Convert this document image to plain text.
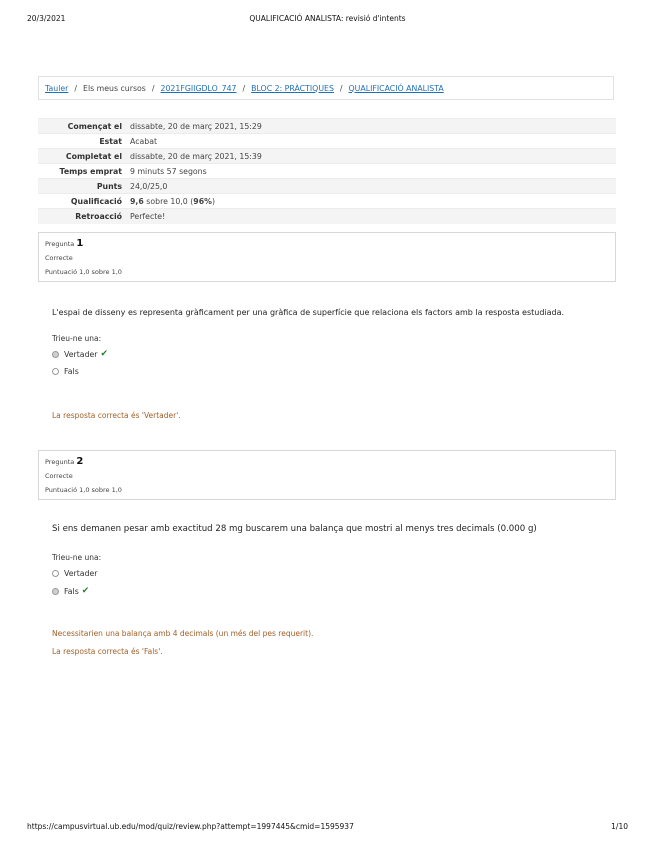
20/3/2021	QUALIFICACIÓ ANALISTA: revisió d'intents
Tauler / Els meus cursos / 2021FGIIGDLO_747 / BLOC 2: PRÀCTIQUES / QUALIFICACIÓ ANALISTA
Començat el	dissabte, 20 de març 2021, 15:29
Estat	Acabat
Completat el	dissabte, 20 de març 2021, 15:39
Temps emprat	9 minuts 57 segons
Punts	24,0/25,0
Qualificació	9,6 sobre 10,0 (96%)
Retroacció	Perfecte!
Pregunta 1
Correcte
Puntuació 1,0 sobre 1,0
L'espai de disseny es representa gràficament per una gràfica de superfície que relaciona els factors amb la resposta estudiada.
Trieu-ne una:
Vertader ✔
Fals
La resposta correcta és 'Vertader'.
Pregunta 2
Correcte
Puntuació 1,0 sobre 1,0
Si ens demanen pesar amb exactitud 28 mg buscarem una balança que mostri al menys tres decimals (0.000 g)
Trieu-ne una:
Vertader
Fals ✔
Necessitarien una balança amb 4 decimals (un més del pes requerit).
La resposta correcta és 'Fals'.
https://campusvirtual.ub.edu/mod/quiz/review.php?attempt=1997445&cmid=1595937	1/10
